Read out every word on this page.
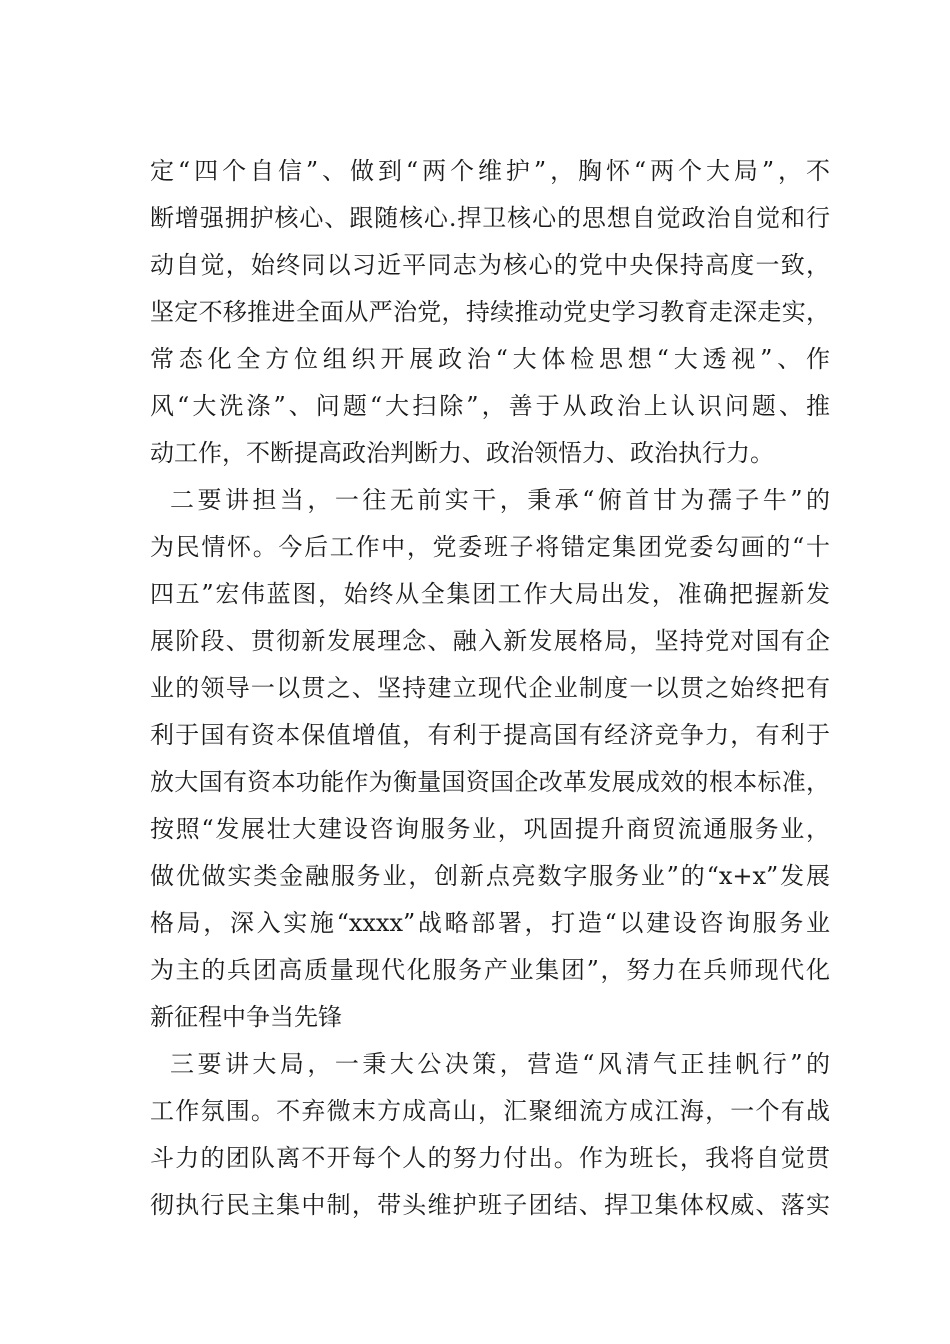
定“四个自信”、做到“两个维护”，胸怀“两个大局”，不
断增强拥护核心、跟随核心.捍卫核心的思想自觉政治自觉和行
动自觉，始终同以习近平同志为核心的党中央保持高度一致，
坚定不移推进全面从严治党，持续推动党史学习教育走深走实，
常态化全方位组织开展政治“大体检思想“大透视”、作
风“大洗涤”、问题“大扫除”，善于从政治上认识问题、推
动工作，不断提高政治判断力、政治领悟力、政治执行力。
二要讲担当，一往无前实干，秉承“俯首甘为孺子牛”的
为民情怀。今后工作中，党委班子将错定集团党委勾画的“十
四五”宏伟蓝图，始终从全集团工作大局出发，准确把握新发
展阶段、贯彻新发展理念、融入新发展格局，坚持党对国有企
业的领导一以贯之、坚持建立现代企业制度一以贯之始终把有
利于国有资本保值增值，有利于提高国有经济竞争力，有利于
放大国有资本功能作为衡量国资国企改革发展成效的根本标准，
按照“发展壮大建设咨询服务业，巩固提升商贸流通服务业，
做优做实类金融服务业，创新点亮数字服务业”的“x+x”发展
格局，深入实施“xxxx”战略部署，打造“以建设咨询服务业
为主的兵团高质量现代化服务产业集团”，努力在兵师现代化
新征程中争当先锋
三要讲大局，一秉大公决策，营造“风清气正挂帆行”的
工作氛围。不弃微末方成高山，汇聚细流方成江海，一个有战
斗力的团队离不开每个人的努力付出。作为班长，我将自觉贯
彻执行民主集中制，带头维护班子团结、捍卫集体权威、落实
